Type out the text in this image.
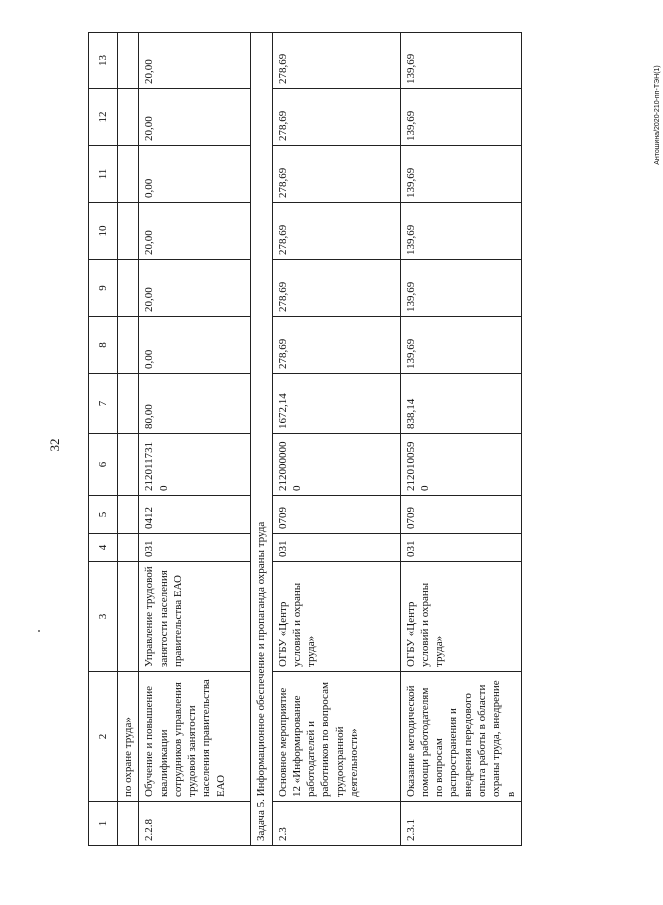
32
Антошина/2020-210-пп-ТЭН(1)
1	2	3	4	5	6	7	8	9	10	11	12	13
	по охране труда»											
2.2.8	Обучение и повышение квалификации сотрудников управления трудовой занятости населения правительства ЕАО	Управление трудовой занятости населения правительства ЕАО	031	0412	2120117310	80,00	0,00	20,00	20,00	0,00	20,00	20,00
Задача 5. Информационное обеспечение и пропаганда охраны труда												
2.3	Основное мероприятие 12 «Информирование работодателей и работников по вопросам трудоохранной деятельности»	ОГБУ «Центр условий и охраны труда»	031	0709	2120000000	1672,14	278,69	278,69	278,69	278,69	278,69	278,69
2.3.1	Оказание методической помощи работодателям по вопросам распространения и внедрения передового опыта работы в области охраны труда, внедрение в	ОГБУ «Центр условий и охраны труда»	031	0709	2120100590	838,14	139,69	139,69	139,69	139,69	139,69	139,69
